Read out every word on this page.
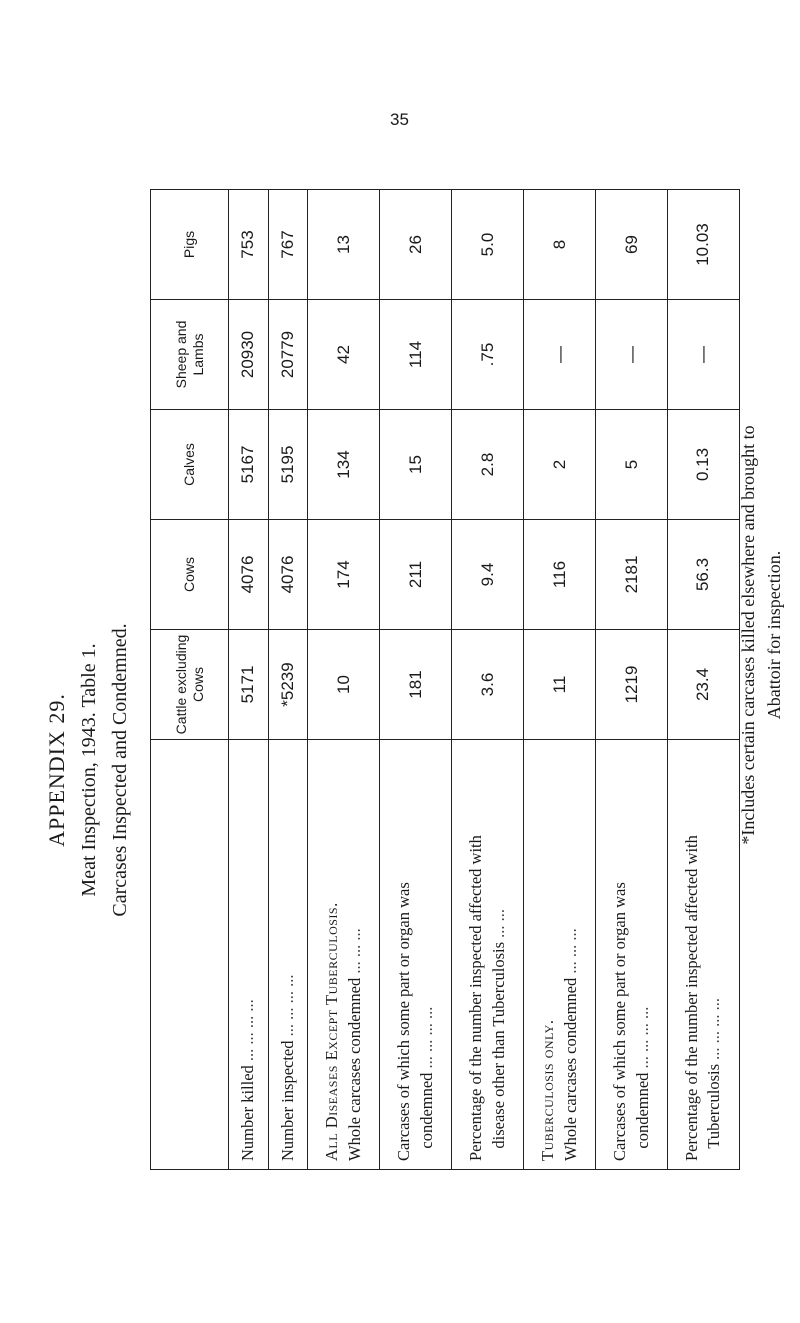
35
APPENDIX 29. Meat Inspection, 1943. Table 1. Carcases Inspected and Condemned.
		Cattle excluding Cows	Cows	Calves	Sheep and Lambs	Pigs
Number killed ... ... ... ...	5171	4076	5167	20930	753
Number inspected ... ... ... ...	*5239	4076	5195	20779	767
All Diseases Except Tuberculosis. Whole carcases condemned ... ... ...	10	174	134	42	13
Carcases of which some part or organ was condemned ... ... ... ...	181	211	15	114	26
Percentage of the number inspected affected with disease other than Tuberculosis ... ...	3.6	9.4	2.8	.75	5.0
Tuberculosis only. Whole carcases condemned ... ... ...	11	116	2	—	8
Carcases of which some part or organ was condemned ... ... ... ...	1219	2181	5	—	69
Percentage of the number inspected affected with Tuberculosis ... ... ... ...	23.4	56.3	0.13	—	10.03
*Includes certain carcases killed elsewhere and brought to Abattoir for inspection.
